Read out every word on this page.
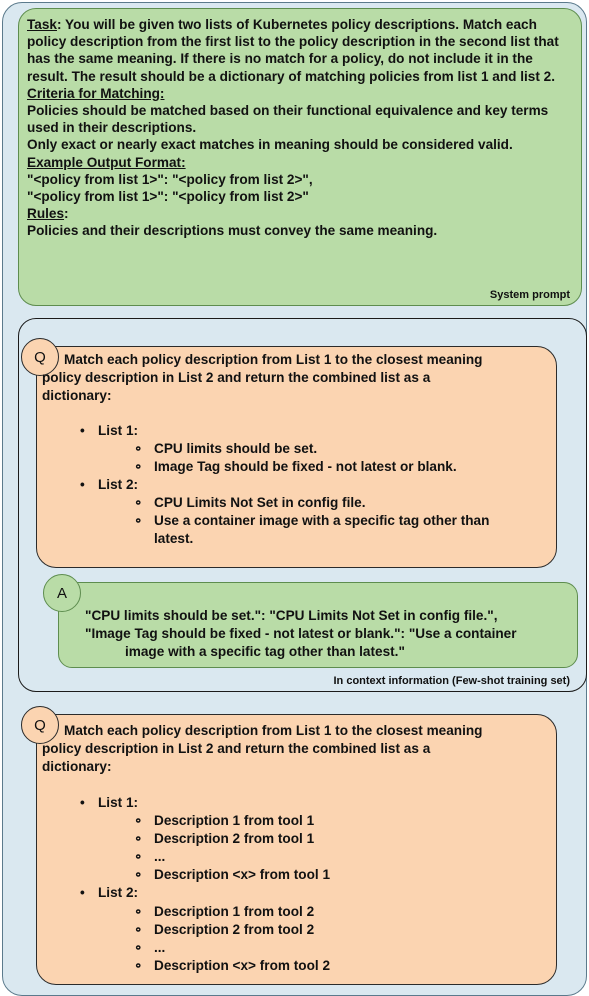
Task: You will be given two lists of Kubernetes policy descriptions. Match each policy description from the first list to the policy description in the second list that has the same meaning. If there is no match for a policy, do not include it in the result. The result should be a dictionary of matching policies from list 1 and list 2.
Criteria for Matching:
Policies should be matched based on their functional equivalence and key terms used in their descriptions.
Only exact or nearly exact matches in meaning should be considered valid.
Example Output Format:
"<policy from list 1>": "<policy from list 2>",
"<policy from list 1>": "<policy from list 2>"
Rules:
Policies and their descriptions must convey the same meaning.
System prompt
Q	Match each policy description from List 1 to the closest meaning
policy description in List 2 and return the combined list as a
dictionary:
• List 1:
∘ CPU limits should be set.
∘ Image Tag should be fixed - not latest or blank.
• List 2:
∘ CPU Limits Not Set in config file.
∘ Use a container image with a specific tag other than
latest.
A
"CPU limits should be set.": "CPU Limits Not Set in config file.",
"Image Tag should be fixed - not latest or blank.": "Use a container
image with a specific tag other than latest."
In context information (Few-shot training set)
Q	Match each policy description from List 1 to the closest meaning
policy description in List 2 and return the combined list as a
dictionary:
• List 1:
∘ Description 1 from tool 1
∘ Description 2 from tool 1
∘ ...
∘ Description <x> from tool 1
• List 2:
∘ Description 1 from tool 2
∘ Description 2 from tool 2
∘ ...
∘ Description <x> from tool 2
